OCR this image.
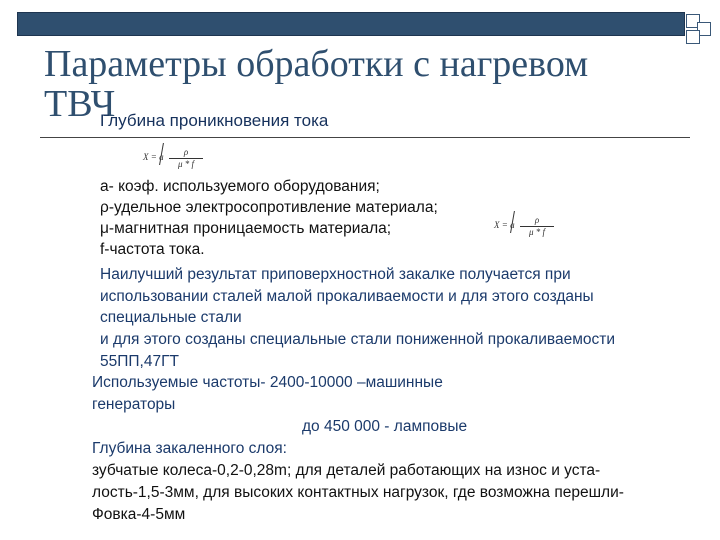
Параметры обработки с нагревом
ТВЧ
Глубина проникновения тока
X = a	ρ
μ * f
X = a	ρ
μ * f
а- коэф. используемого оборудования;
ρ-удельное электросопротивление материала;
μ-магнитная проницаемость материала;
f-частота тока.
Наилучший результат приповерхностной закалке получается при
использовании сталей малой прокаливаемости и для этого созданы
специальные стали
и для этого созданы специальные стали пониженной прокаливаемости
55ПП,47ГТ
Используемые частоты- 2400-10000 –машинные
генераторы
до 450 000 - ламповые
Глубина закаленного слоя:
зубчатые колеса-0,2-0,28m; для деталей работающих на износ и уста-
лость-1,5-3мм, для высоких контактных нагрузок, где возможна перешли-
Фовка-4-5мм
